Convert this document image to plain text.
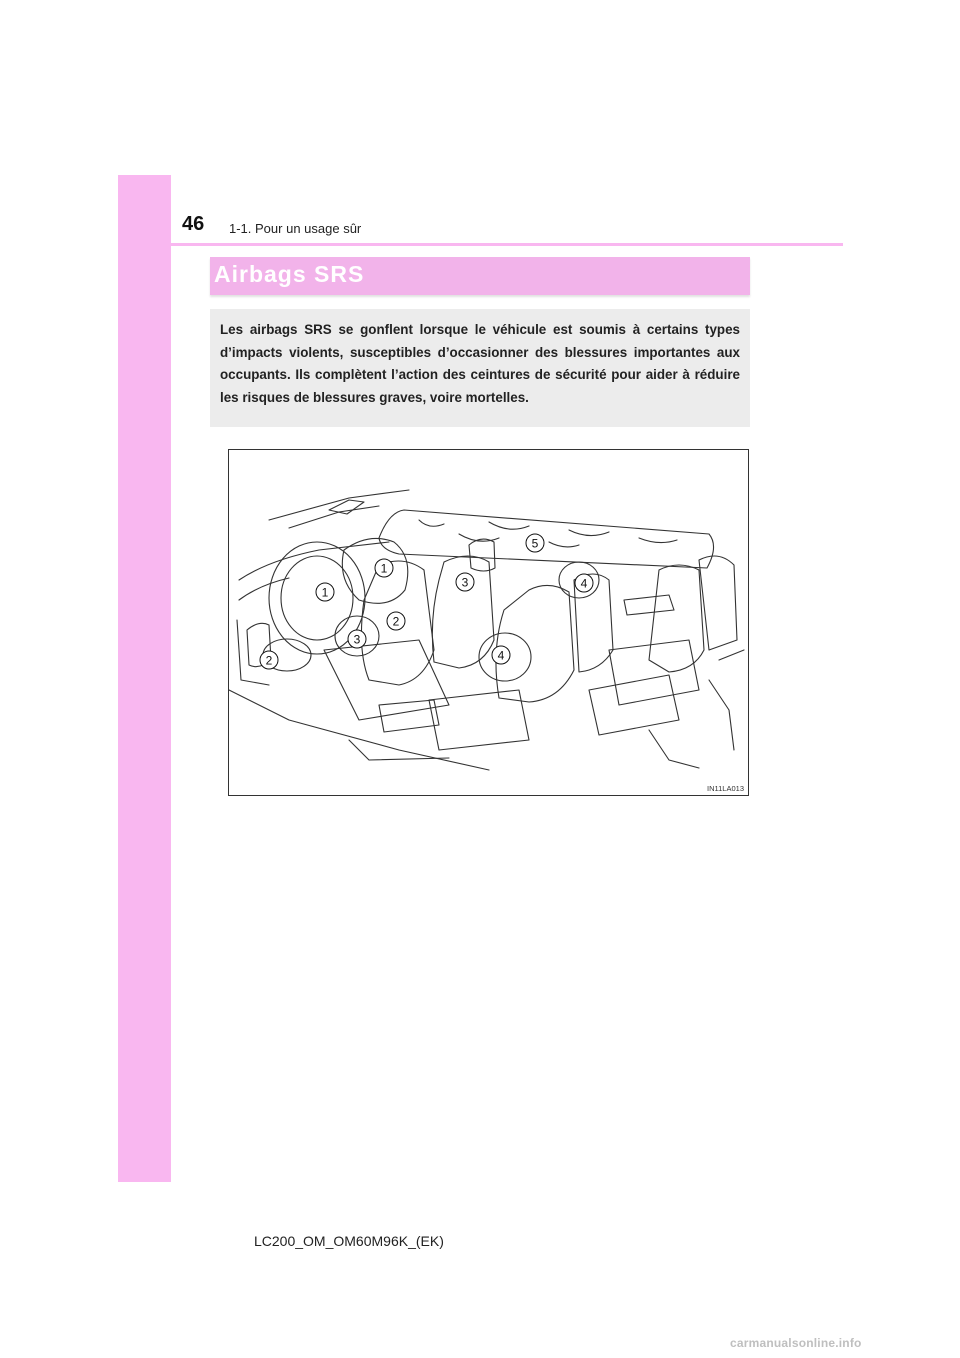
46 1-1. Pour un usage sûr
Airbags SRS

Les airbags SRS se gonflent lorsque le véhicule est soumis à certains types d’impacts violents, susceptibles d’occasionner des blessures importantes aux occupants. Ils complètent l’action des ceintures de sécurité pour aider à réduire les risques de blessures graves, voire mortelles.

1
1
2
2
3
3
4
4
5
IN11LA013
LC200_OM_OM60M96K_(EK)
carmanualsonline.info
